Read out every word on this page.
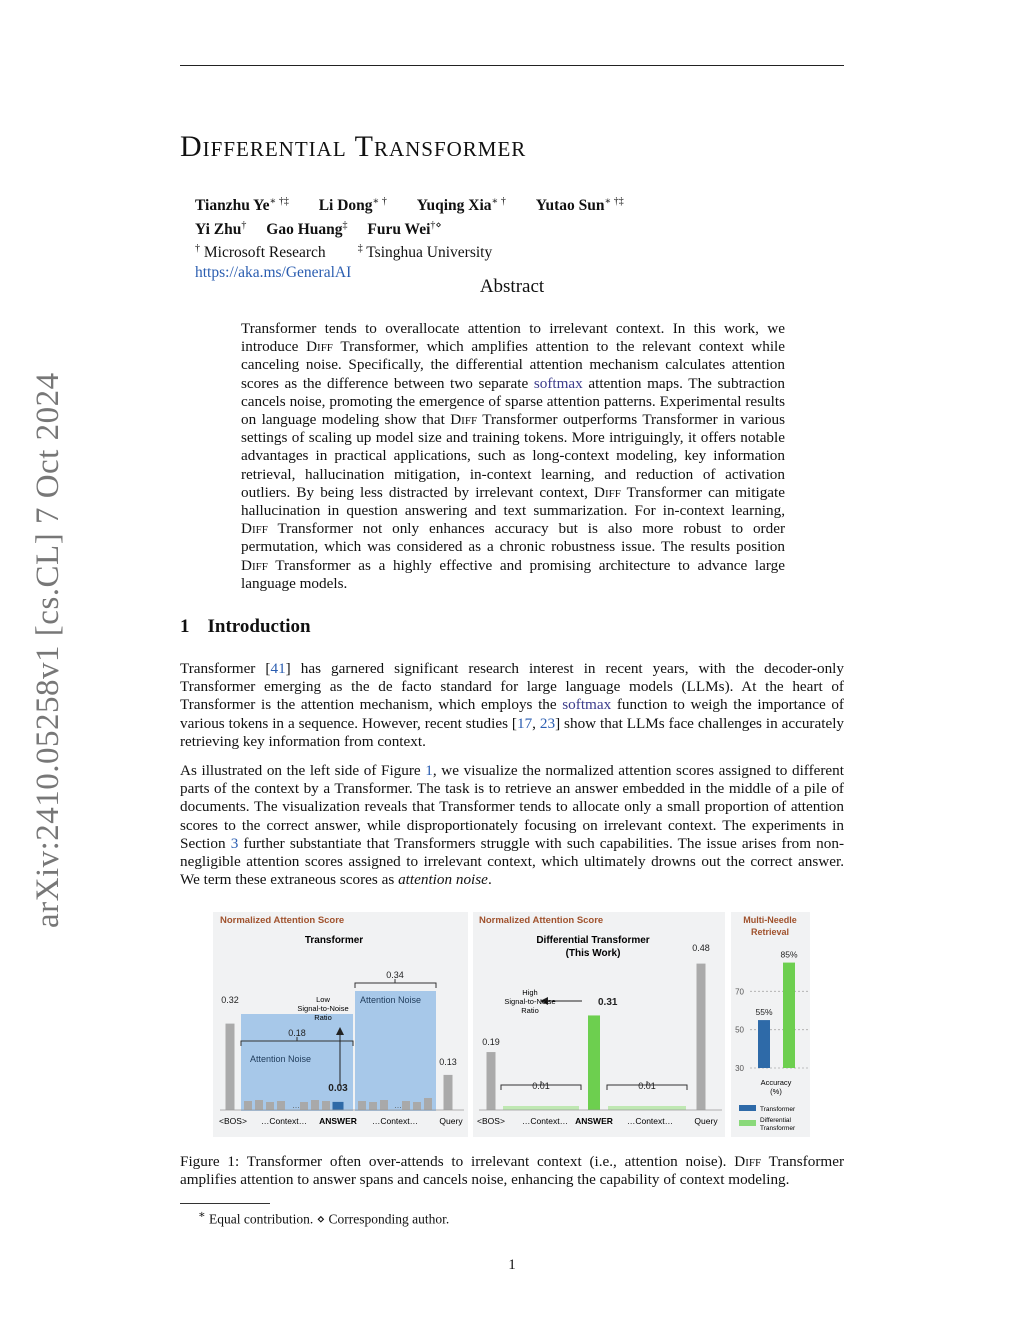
arXiv:2410.05258v1 [cs.CL] 7 Oct 2024
Differential Transformer
Tianzhu Ye∗ †‡ Li Dong∗ † Yuqing Xia∗ † Yutao Sun∗ †‡
Yi Zhu† Gao Huang‡ Furu Wei†⋄
† Microsoft Research	‡ Tsinghua University
https://aka.ms/GeneralAI
Abstract
Transformer tends to overallocate attention to irrelevant context. In this work, we introduce Diff Transformer, which amplifies attention to the relevant context while canceling noise. Specifically, the differential attention mechanism calculates attention scores as the difference between two separate softmax attention maps. The subtraction cancels noise, promoting the emergence of sparse attention patterns. Experimental results on language modeling show that Diff Transformer outperforms Transformer in various settings of scaling up model size and training tokens. More intriguingly, it offers notable advantages in practical applications, such as long-context modeling, key information retrieval, hallucination mitigation, in-context learning, and reduction of activation outliers. By being less distracted by irrelevant context, Diff Transformer can mitigate hallucination in question answering and text summarization. For in-context learning, Diff Transformer not only enhances accuracy but is also more robust to order permutation, which was considered as a chronic robustness issue. The results position Diff Transformer as a highly effective and promising architecture to advance large language models.
1 Introduction
Transformer [41] has garnered significant research interest in recent years, with the decoder-only Transformer emerging as the de facto standard for large language models (LLMs). At the heart of Transformer is the attention mechanism, which employs the softmax function to weigh the importance of various tokens in a sequence. However, recent studies [17, 23] show that LLMs face challenges in accurately retrieving key information from context.
As illustrated on the left side of Figure 1, we visualize the normalized attention scores assigned to different parts of the context by a Transformer. The task is to retrieve an answer embedded in the middle of a pile of documents. The visualization reveals that Transformer tends to allocate only a small proportion of attention scores to the correct answer, while disproportionately focusing on irrelevant context. The experiments in Section 3 further substantiate that Transformers struggle with such capabilities. The issue arises from non-negligible attention scores assigned to irrelevant context, which ultimately drowns out the correct answer. We term these extraneous scores as attention noise.
Normalized Attention Score
Transformer
Attention Noise
Attention Noise
…	…
Low
Signal-to-Noise
Ratio
0.32
0.18
0.03
0.34
0.13
<BOS> …Context… ANSWER …Context…	Query
Normalized Attention Score
Differential Transformer
(This Work)
High
Signal-to-Noise
Ratio
0.19
0.01
0.31
0.01
0.48
<BOS> …Context… ANSWER …Context…	Query
Multi-Needle
Retrieval
30
50
70
55%
85%
Accuracy
(%)
Transformer
Differential
Transformer
Figure 1: Transformer often over-attends to irrelevant context (i.e., attention noise). Diff Transformer amplifies attention to answer spans and cancels noise, enhancing the capability of context modeling.
∗ Equal contribution. ⋄ Corresponding author.
1
